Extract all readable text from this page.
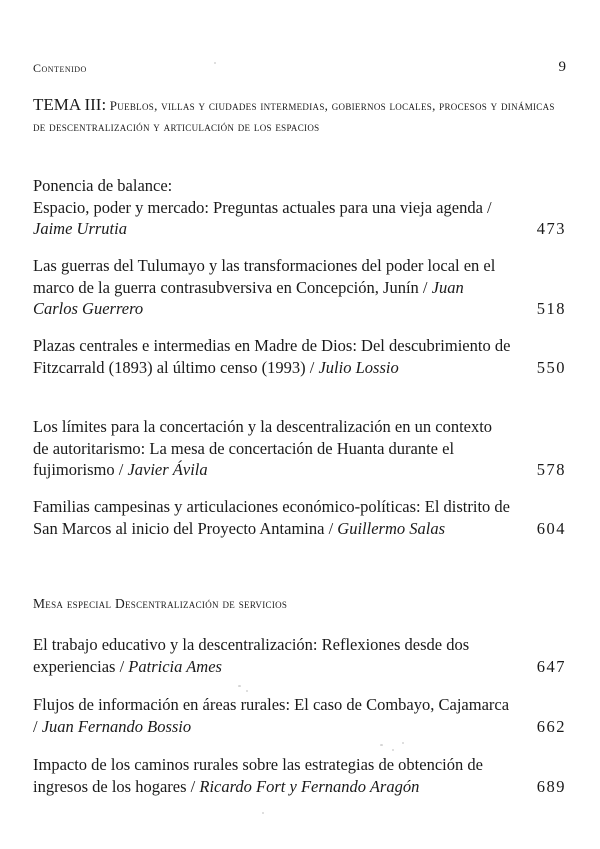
Contenido	9
TEMA III: Pueblos, villas y ciudades intermedias, gobiernos locales, procesos y dinámicas de descentralización y articulación de los espacios
Ponencia de balance:
Espacio, poder y mercado: Preguntas actuales para una vieja agenda / Jaime Urrutia	473
Las guerras del Tulumayo y las transformaciones del poder local en el marco de la guerra contrasubversiva en Concepción, Junín / Juan Carlos Guerrero	518
Plazas centrales e intermedias en Madre de Dios: Del descubrimiento de Fitzcarrald (1893) al último censo (1993) / Julio Lossio	550
Los límites para la concertación y la descentralización en un contexto de autoritarismo: La mesa de concertación de Huanta durante el fujimorismo / Javier Ávila	578
Familias campesinas y articulaciones económico-políticas: El distrito de San Marcos al inicio del Proyecto Antamina / Guillermo Salas	604
Mesa especial Descentralización de servicios
El trabajo educativo y la descentralización: Reflexiones desde dos experiencias / Patricia Ames	647
Flujos de información en áreas rurales: El caso de Combayo, Cajamarca / Juan Fernando Bossio	662
Impacto de los caminos rurales sobre las estrategias de obtención de ingresos de los hogares / Ricardo Fort y Fernando Aragón	689
